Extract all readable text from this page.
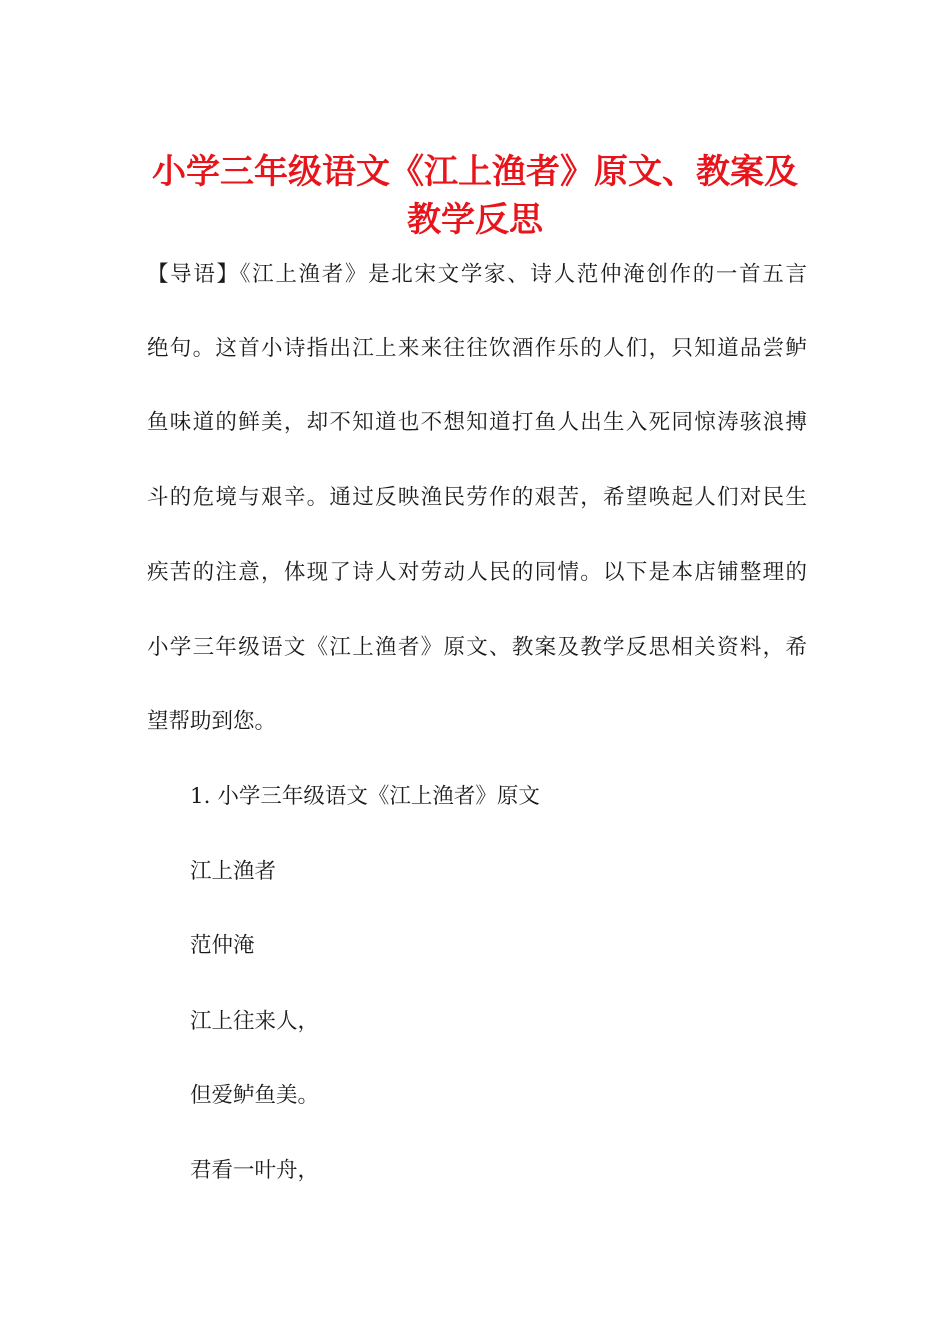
小学三年级语文《江上渔者》原文、教案及
教学反思
【导语】《江上渔者》是北宋文学家、诗人范仲淹创作的一首五言
绝句。这首小诗指出江上来来往往饮酒作乐的人们，只知道品尝鲈
鱼味道的鲜美，却不知道也不想知道打鱼人出生入死同惊涛骇浪搏
斗的危境与艰辛。通过反映渔民劳作的艰苦，希望唤起人们对民生
疾苦的注意，体现了诗人对劳动人民的同情。以下是本店铺整理的
小学三年级语文《江上渔者》原文、教案及教学反思相关资料，希
望帮助到您。
1. 小学三年级语文《江上渔者》原文
江上渔者
范仲淹
江上往来人，
但爱鲈鱼美。
君看一叶舟，
